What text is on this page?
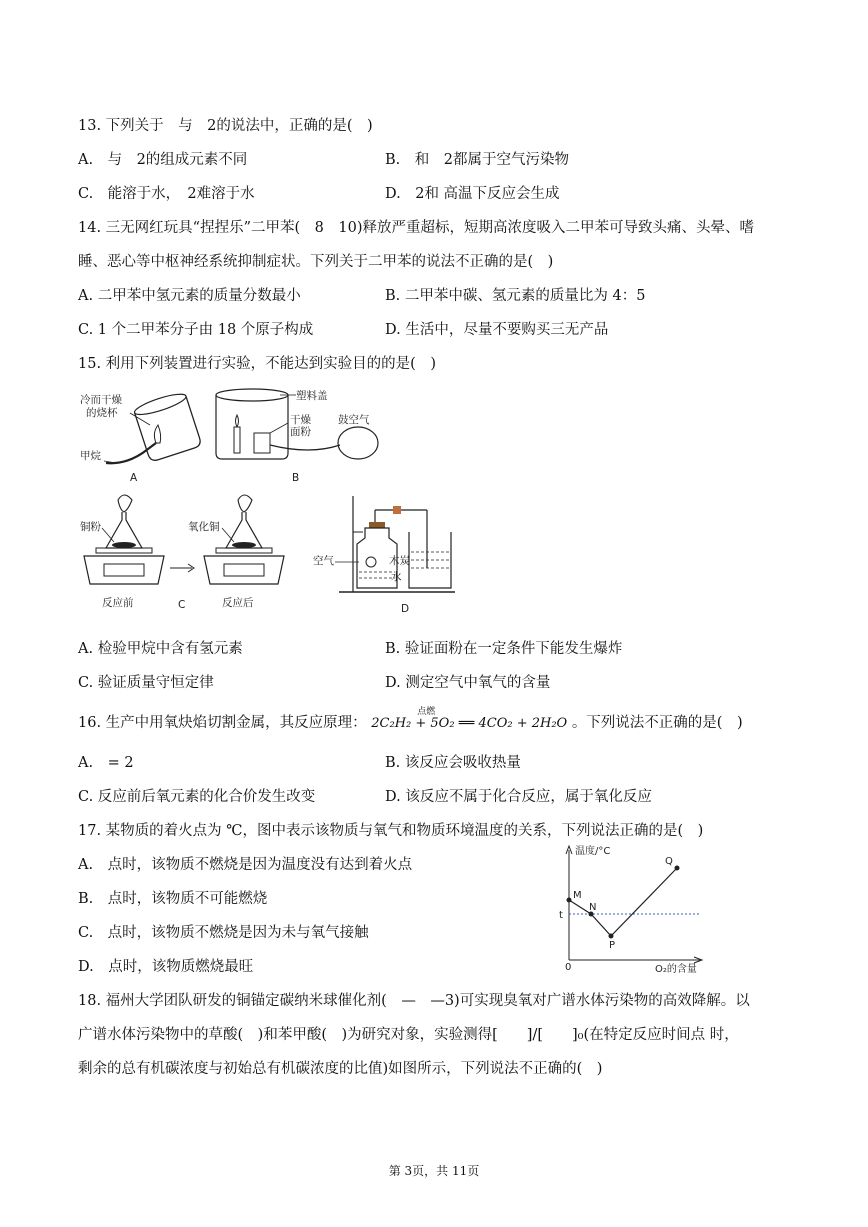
13. 下列关于　与　2的说法中，正确的是(　)
A.　与　2的组成元素不同	B.　和　2都属于空气污染物
C.　能溶于水，　2难溶于水	D.　2和 高温下反应会生成
14. 三无网红玩具“捏捏乐”二甲苯(　8　10)释放严重超标，短期高浓度吸入二甲苯可导致头痛、头晕、嗜
睡、恶心等中枢神经系统抑制症状。下列关于二甲苯的说法不正确的是(　)
A. 二甲苯中氢元素的质量分数最小	B. 二甲苯中碳、氢元素的质量比为 4：5
C. 1 个二甲苯分子由 18 个原子构成	D. 生活中，尽量不要购买三无产品
15. 利用下列装置进行实验，不能达到实验目的的是(　)
冷而干燥
的烧杯
甲烷
A
塑料盖
干燥
面粉
鼓空气
B
铜粉	氧化铜
反应前	C	反应后
空气	木炭
水
D
A. 检验甲烷中含有氢元素	B. 验证面粉在一定条件下能发生爆炸
C. 验证质量守恒定律	D. 测定空气中氧气的含量
16. 生产中用氧炔焰切割金属，其反应原理：
点燃
2C₂H₂ + 5O₂ ══ 4CO₂ + 2H₂O 。下列说法不正确的是(　)
A.　= 2	B. 该反应会吸收热量
C. 反应前后氧元素的化合价发生改变	D. 该反应不属于化合反应，属于氧化反应
17. 某物质的着火点为 ℃，图中表示该物质与氧气和物质环境温度的关系，下列说法正确的是(　)
A.　点时，该物质不燃烧是因为温度没有达到着火点
B.　点时，该物质不可能燃烧
C.　点时，该物质不燃烧是因为未与氧气接触
D.　点时，该物质燃烧最旺
温度/°C
O₂的含量
0
t
M
N
P
Q
18. 福州大学团队研发的铜锚定碳纳米球催化剂(　—　—3)可实现臭氧对广谱水体污染物的高效降解。以
广谱水体污染物中的草酸(　)和苯甲酸(　)为研究对象，实验测得[　　]/[　　]₀(在特定反应时间点 时，
剩余的总有机碳浓度与初始总有机碳浓度的比值)如图所示，下列说法不正确的(　)
第 3页，共 11页
